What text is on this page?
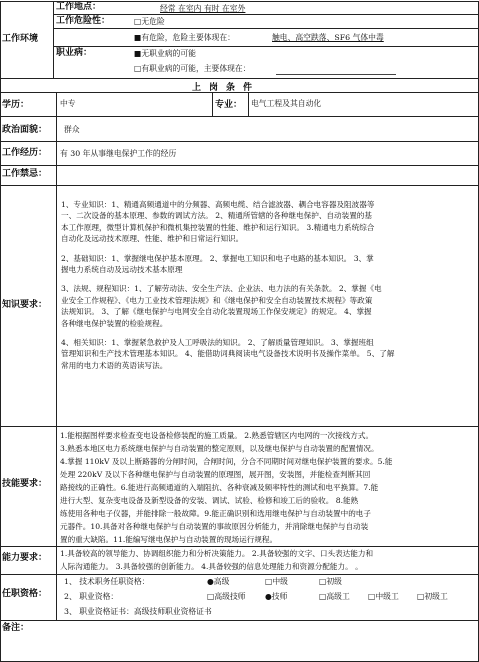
工作环境
工作地点：	经常 在室内 有时 在室外
工作危险性：	□无危险
■有危险，危险主要体现在：	触电、高空跌落、SF6 气体中毒
职业病：	■无职业病的可能
□有职业病的可能，主要体现在：
上岗条件
学历：	中专	专业： 电气工程及其自动化
政治面貌： 群众
工作经历： 有 30 年从事继电保护工作的经历
工作禁忌：
知识要求：

1、专业知识：1、精通高频通道中的分频器、高频电缆、结合滤波器、耦合电容器及阻波器等

一、二次设备的基本原理、参数的调试方法。 2、精通所管辖的各种继电保护、自动装置的基

本工作原理，微型计算机保护和微机集控装置的性能、维护和运行知识。 3.精通电力系统综合

自动化及远动技术原理、性能、维护和日常运行知识。

2、基础知识：1、掌握继电保护基本原理。 2、掌握电工知识和电子电路的基本知识。 3、掌

握电力系统自动及远动技术基本原理

3、法规、规程知识：1、了解劳动法、安全生产法、企业法、电力法的有关条款。 2、掌握《电

业安全工作规程》、《电力工业技术管理法规》和《继电保护和安全自动装置技术规程》等政策

法规知识。 3、了解《继电保护与电网安全自动化装置现场工作保安规定》的规定。 4、掌握

各种继电保护装置的检验规程。

4、相关知识：1、掌握紧急救护及人工呼吸法的知识。 2、了解质量管理知识。 3、掌握班组

管理知识和生产技术管理基本知识。 4、能借助词典阅读电气设备技术说明书及操作菜单。 5、了解

常用的电力术语的英语读写法。

技能要求：

1.能根据图样要求检查变电设备检修装配的施工质量。 2.熟悉管辖区内电网的一次接线方式。

3.熟悉本地区电力系统继电保护与自动装置的整定原则，以及继电保护与自动装置的配置情况。

4.掌握 110kV 及以上断路器的分闸时间，合闸时间，分合不同期时间对继电保护装置的要求。5.能

处理 220kV 及以下各种继电保护与自动装置的原理图，展开图，安装图，并能检查判断其回

路接线的正确性。6.能进行高频通道的入端阻抗、各种衰减及频率特性的测试和电平换算。7.能

进行大型、复杂变电设备及新型设备的安装、调试、试验、检修和竣工后的验收。 8.能熟

练使用各种电子仪器，并能排除一般故障。9.能正确识别和选用继电保护与自动装置中的电子

元器件。10.具备对各种继电保护与自动装置的事故原因分析能力，并消除继电保护与自动装

置的重大缺陷。11.能编写继电保护与自动装置的现场运行规程。

能力要求： 1.具备较高的领导能力、协调组织能力和分析决策能力。 2.具备较强的文字、口头表达能力和

人际沟通能力。 3.具备较强的创新能力。 4.具备较强的信息处理能力和资源分配能力。 。

任职资格：
1、 技术职务任职资格：	●高级	□中级	□初级
2、 职业资格：	□高级技师 ●技师	□高级工 □中级工 □初级工
3、 职业资格证书：高级技师职业资格证书
备注：
